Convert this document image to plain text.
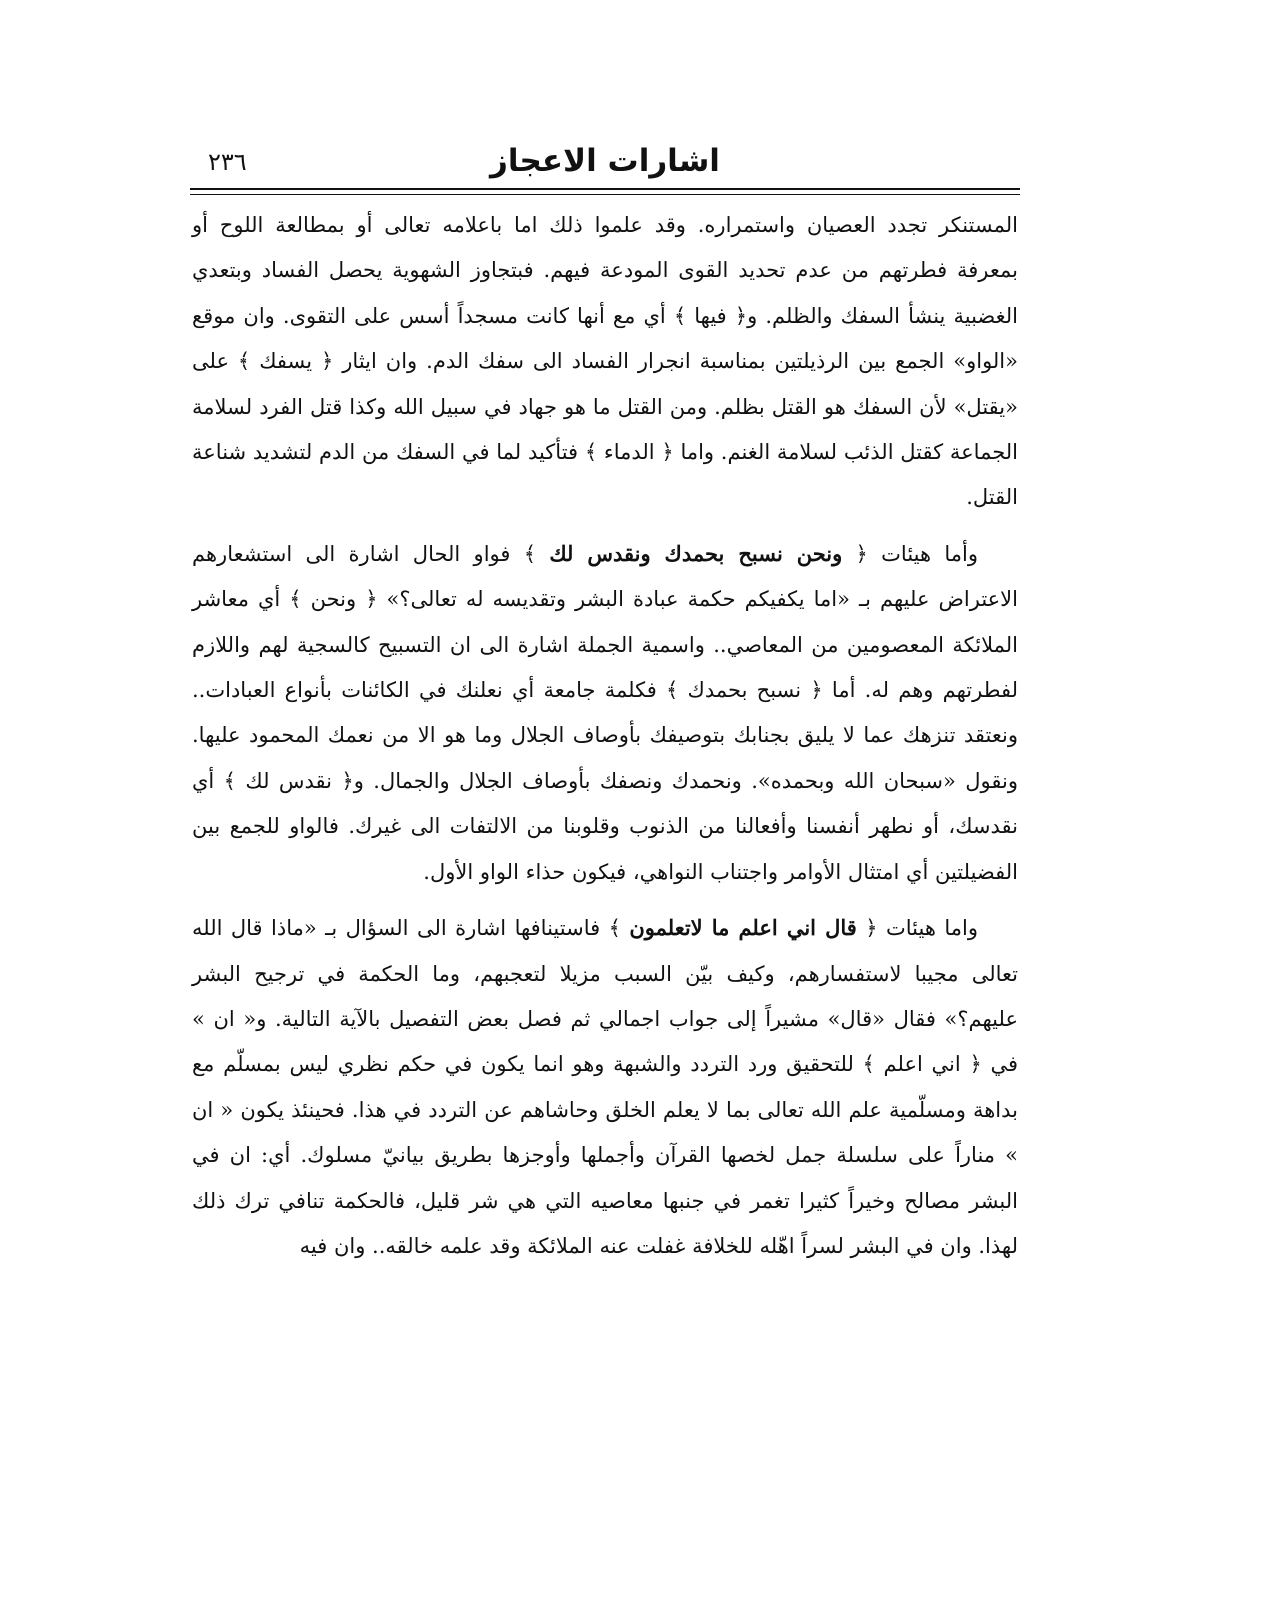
اشارات الاعجاز
٢٣٦

المستنكر تجدد العصيان واستمراره. وقد علموا ذلك اما باعلامه تعالى أو بمطالعة اللوح أو بمعرفة فطرتهم من عدم تحديد القوى المودعة فيهم. فبتجاوز الشهوية يحصل الفساد وبتعدي الغضبية ينشأ السفك والظلم. و﴿ فيها ﴾ أي مع أنها كانت مسجداً أسس على التقوى. وان موقع «الواو» الجمع بين الرذيلتين بمناسبة انجرار الفساد الى سفك الدم. وان ايثار ﴿ يسفك ﴾ على «يقتل» لأن السفك هو القتل بظلم. ومن القتل ما هو جهاد في سبيل الله وكذا قتل الفرد لسلامة الجماعة كقتل الذئب لسلامة الغنم. واما ﴿ الدماء ﴾ فتأكيد لما في السفك من الدم لتشديد شناعة القتل.

وأما هيئات ﴿ ونحن نسبح بحمدك ونقدس لك ﴾ فواو الحال اشارة الى استشعارهم الاعتراض عليهم بـ «اما يكفيكم حكمة عبادة البشر وتقديسه له تعالى؟» ﴿ ونحن ﴾ أي معاشر الملائكة المعصومين من المعاصي.. واسمية الجملة اشارة الى ان التسبيح كالسجية لهم واللازم لفطرتهم وهم له. أما ﴿ نسبح بحمدك ﴾ فكلمة جامعة أي نعلنك في الكائنات بأنواع العبادات.. ونعتقد تنزهك عما لا يليق بجنابك بتوصيفك بأوصاف الجلال وما هو الا من نعمك المحمود عليها. ونقول «سبحان الله وبحمده». ونحمدك ونصفك بأوصاف الجلال والجمال. و﴿ نقدس لك ﴾ أي نقدسك، أو نطهر أنفسنا وأفعالنا من الذنوب وقلوبنا من الالتفات الى غيرك. فالواو للجمع بين الفضيلتين أي امتثال الأوامر واجتناب النواهي، فيكون حذاء الواو الأول.

واما هيئات ﴿ قال اني اعلم ما لاتعلمون ﴾ فاستينافها اشارة الى السؤال بـ «ماذا قال الله تعالى مجيبا لاستفسارهم، وكيف بيّن السبب مزيلا لتعجبهم، وما الحكمة في ترجيح البشر عليهم؟» فقال «قال» مشيراً إلى جواب اجمالي ثم فصل بعض التفصيل بالآية التالية. و« ان » في ﴿ اني اعلم ﴾ للتحقيق ورد التردد والشبهة وهو انما يكون في حكم نظري ليس بمسلّم مع بداهة ومسلّمية علم الله تعالى بما لا يعلم الخلق وحاشاهم عن التردد في هذا. فحينئذ يكون « ان » مناراً على سلسلة جمل لخصها القرآن وأجملها وأوجزها بطريق بيانيّ مسلوك. أي: ان في البشر مصالح وخيراً كثيرا تغمر في جنبها معاصيه التي هي شر قليل، فالحكمة تنافي ترك ذلك لهذا. وان في البشر لسراً اهّله للخلافة غفلت عنه الملائكة وقد علمه خالقه.. وان فيه
